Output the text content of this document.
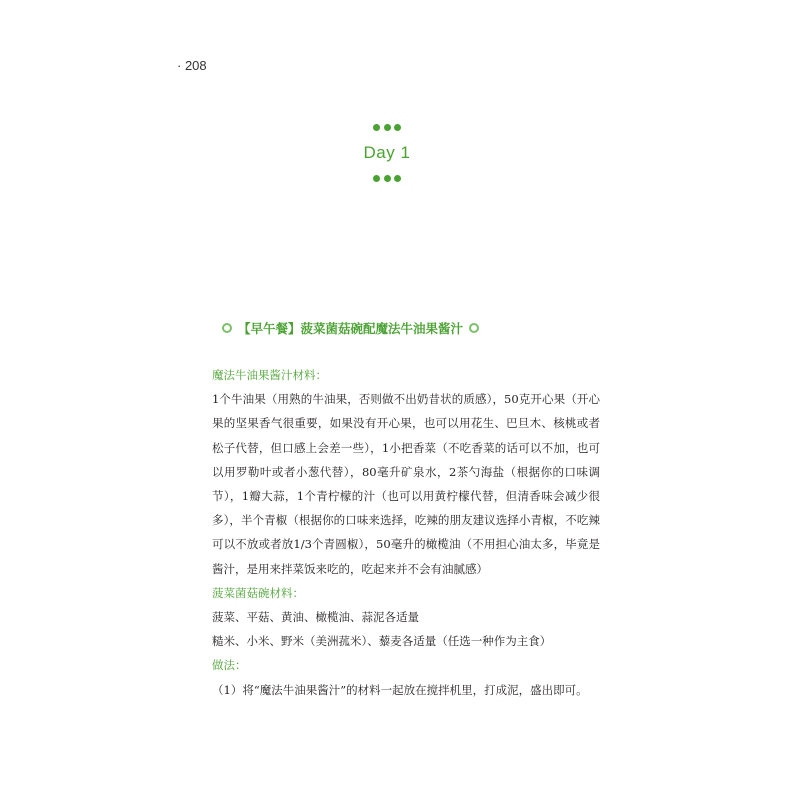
· 208
Day 1
【早午餐】菠菜菌菇碗配魔法牛油果酱汁

魔法牛油果酱汁材料：

1个牛油果（用熟的牛油果，否则做不出奶昔状的质感），50克开心果（开心果的坚果香气很重要，如果没有开心果，也可以用花生、巴旦木、核桃或者松子代替，但口感上会差一些），1小把香菜（不吃香菜的话可以不加，也可以用罗勒叶或者小葱代替），80毫升矿泉水，2茶勺海盐（根据你的口味调节），1瓣大蒜，1个青柠檬的汁（也可以用黄柠檬代替，但清香味会减少很多），半个青椒（根据你的口味来选择，吃辣的朋友建议选择小青椒，不吃辣可以不放或者放1/3个青圆椒），50毫升的橄榄油（不用担心油太多，毕竟是酱汁，是用来拌菜饭来吃的，吃起来并不会有油腻感）

菠菜菌菇碗材料：

菠菜、平菇、黄油、橄榄油、蒜泥各适量

糙米、小米、野米（美洲菰米）、藜麦各适量（任选一种作为主食）

做法：

（1）将“魔法牛油果酱汁”的材料一起放在搅拌机里，打成泥，盛出即可。
